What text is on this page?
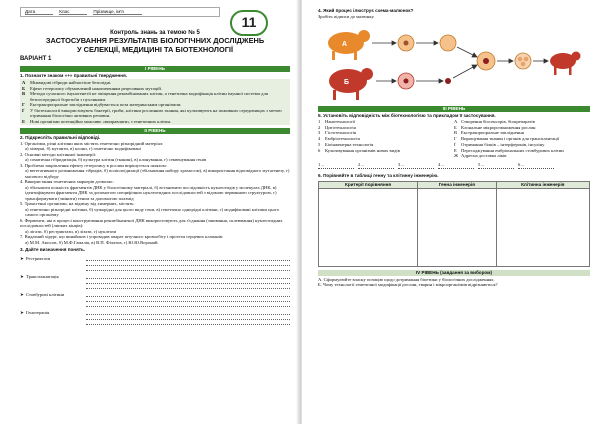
Дата	Клас	Прізвище, ім'я
11
Контроль знань за темою № 5
ЗАСТОСУВАННЯ РЕЗУЛЬТАТІВ БІОЛОГІЧНИХ ДОСЛІДЖЕНЬ
У СЕЛЕКЦІЇ, МЕДИЦИНІ ТА БІОТЕХНОЛОГІЇ
ВАРІАНТ 1
І РІВЕНЬ
1. Позначте знаком «+» правильні твердження.
А	Міжвидові гібриди найчастіше безплідні.
Б	Ефект гетерозису обумовлений накопиченням рецесивних мутацій.
В	Методи сучасного імуногенетії не зміщення рекомбінованих клітин, а генетична модифікація клітин імунної системи для безпосередньої боротьби з пухлинами.
Г	Екстракорпоральне запліднення відбувається поза материнським організмом.
Ґ	У біотехнології використовують бактерії, гриби, клітини рослинних тканин, які культивують на поживних середовищах з метою отримання біологічно активних речовин.
Е	Нові організми потенційно можливо «виправляти» з генетичних клітин.
ІІ РІВЕНЬ
2. Підкресліть правильні відповіді.
1. Організми, різні клітини яких містять генетично різнорідний матеріал:
а) хімерні, б) мутанти, в) клони, г) генетично модифіковані
2. Основні методи клітинної інженерії:
а) соматична гібридизація, б) культура клітин (тканин), в) клонування, г) секвенування генів
3. Проблема закріплення ефекту гетерозису в рослин вирішується шляхом:
а) вегетативного розмноження гібридів, б) поліплоїдизації (збільшення набору хромосом), в) використання відповідного мутагенезу, г) масового відбору
4. Використання генетичних маркерів дозволяє:
а) збільшити кількість фрагментів ДНК у біологічному матеріалі, б) встановити послідовність нуклеотидів у молекулах ДНК, в) ідентифікувати фрагменти ДНК за допомогою специфічних нуклеотидних послідовностей з відомою первинною структурою, г) трансформувати (змінити) геном за допомогою плазмід
5. Трансгенні організми, на відміну від химерних, містять:
а) генетично різнорідні клітини, б) чужорідні для цього виду гени, в) генетично однорідні клітини, г) модифіковані клітини цього самого організму
6. Ферменти, які в процесі конструювання рекомбінантної ДНК використовують для з'єднання (зшивання, склеювання) нуклеотидних послідовностей (липких кінців):
а) лігази, б) рестриктази, в) лізази, г) нуклеази
7. Видатний хірург, що винайшов і упровадив апарат штучного кровообігу і протези серцевих клапанів:
а) М.М. Амосов, б) М.Ф.Гамалія, в) В.П. Філатов, г) Ю.Ю.Вороний.
3. Дайте визначення понять.
➤ Рестриктази
➤ Транспланатація
➤ Стовбурові клітини
➤ Генотерапія
4. Який процес ілюструє схема-малюнок?
Зробіть підписи до малюнку.
А
Б
ІІІ РІВЕНЬ
5. Установіть відповідність між біотехнологією та прикладом її застосування.
1	Нанотехнології	А Створення біосенсорів, біопрепаратів
2	Цитотехнологія	Б Клональне мікророзмноження рослин
3	Гістотехнологія	В Екстракорпоральне запліднення
4	Ембріотехнологія	Г Вирощування тканин і органів для трансплантації
5	Біоінженерна технологія	Ґ	Отримання білків – інтерферонів, інсуліну
6	Культивування організмів нових видів	Е Пересаджування ембріональних стовбурових клітин
Ж Адресна доставка ліків
1 –	2 –	3 –	4 –	5 –	6 –
6. Порівняйте в таблиці генну та клітинну інженерію.
Критерії порівняння	Генна інженерія	Клітинна інженерія

IV РІВЕНЬ (завдання за вибором)
А. Сформулюйте власну позицію щодо дотримання біоетики у біологічних дослідженнях.
Б. Чому технології генетичної модифікації рослин, тварин і мікроорганізмів відрізняються?
